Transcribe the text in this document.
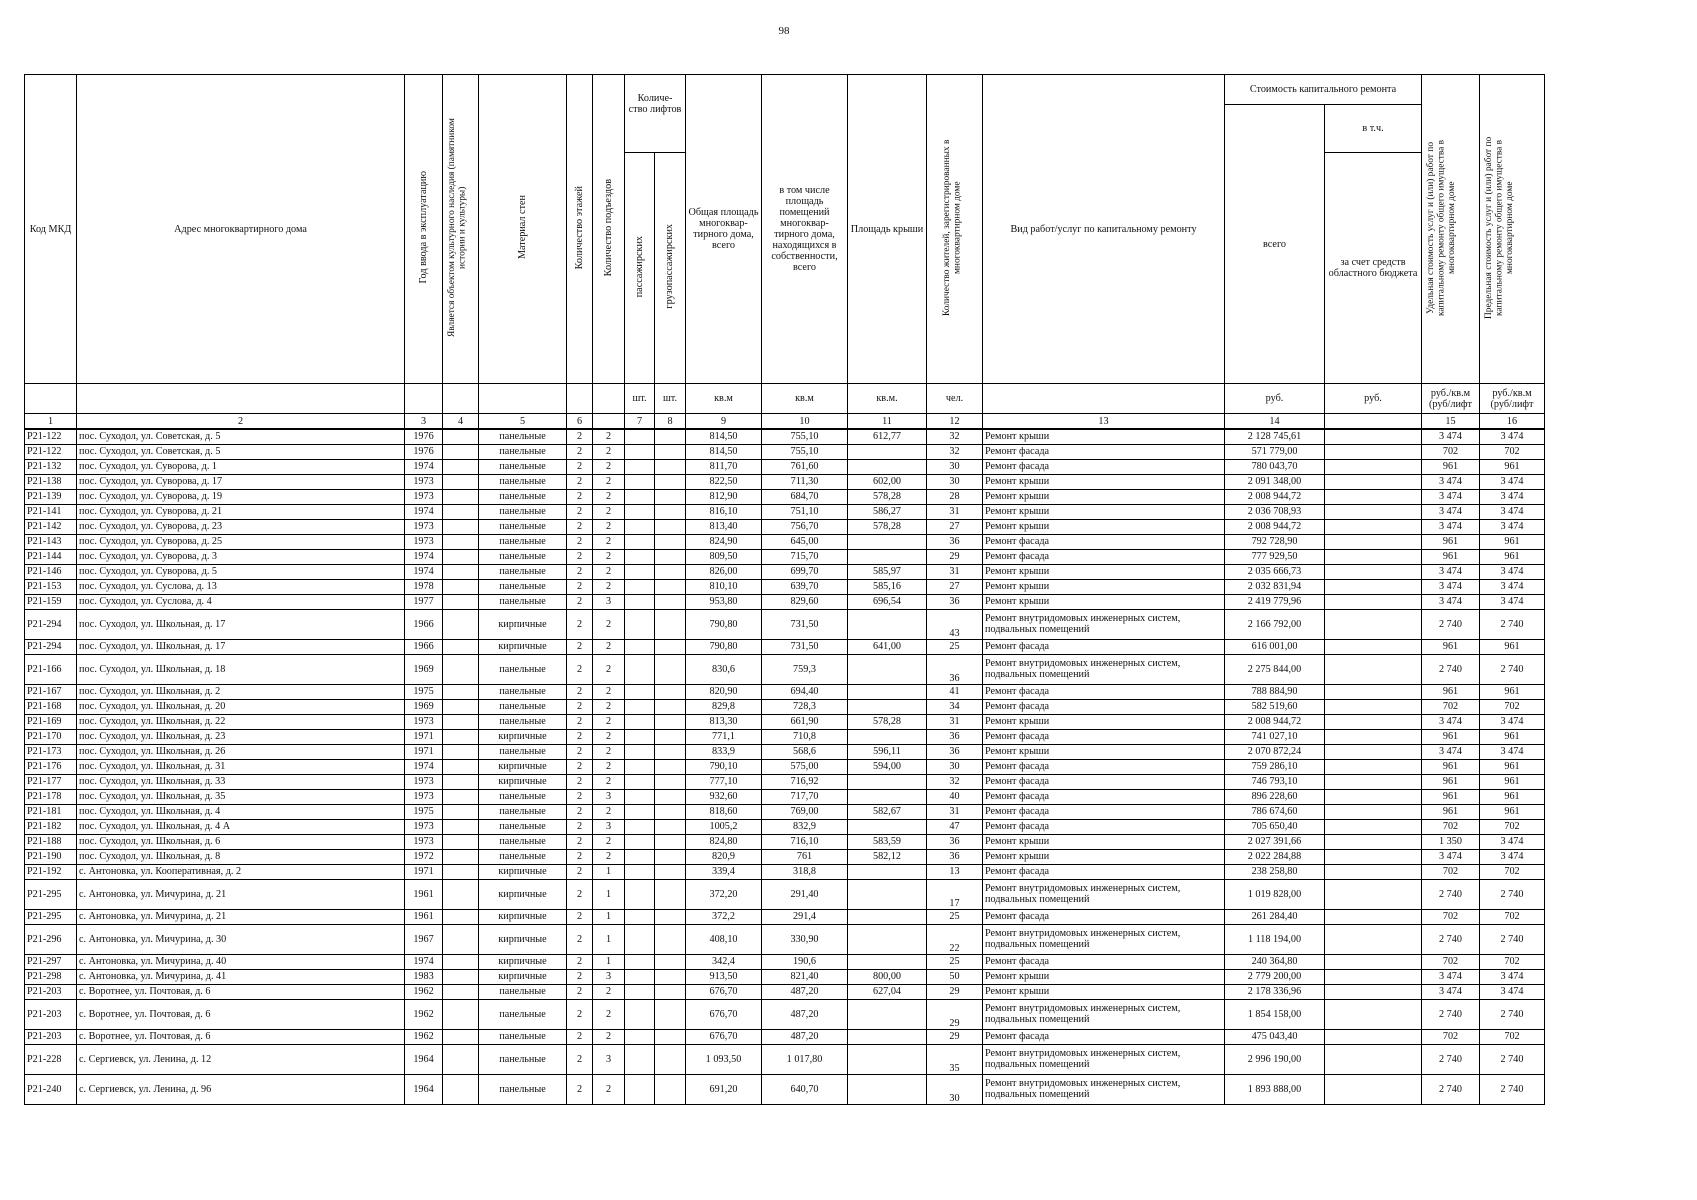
98
Код МКД	Адрес многоквартирного дома	Год ввода в эксплуатацию	Является объектом культурного наследия (памятником истории и культуры)	Материал стен	Количество этажей	Количество подъездов	Количе- ство лифтов		Общая площадь многоквар- тирного дома, всего	в том числе площадь помещений многоквар- тирного дома, находящихся в собственности, всего	Площадь крыши	Количество жителей, зарегистрированных в многоквартирном доме	Вид работ/услуг по капитальному ремонту	Стоимость капитального ремонта		Удельная стоимость услуг и (или) работ по капитальному ремонту общего имущества в многоквартирном доме	Предельная стоимость услуг и (или) работ по капитальному ремонту общего имущества в многоквартирном доме
														всего	в т.ч.		
							пассажирских	грузопассажирских							за счет средств областного бюджета		
							шт.	шт.	кв.м	кв.м	кв.м.	чел.		руб.	руб.	руб./кв.м (руб/лифт	руб./кв.м (руб/лифт
1	2	3	4	5	6		7	8	9	10	11	12	13	14		15	16
Р21-122	пос. Суходол, ул. Советская, д. 5	1976		панельные	2	2			814,50	755,10	612,77	32	Ремонт крыши	2 128 745,61		3 474	3 474
Р21-122	пос. Суходол, ул. Советская, д. 5	1976		панельные	2	2			814,50	755,10		32	Ремонт фасада	571 779,00		702	702
Р21-132	пос. Суходол, ул. Суворова, д. 1	1974		панельные	2	2			811,70	761,60		30	Ремонт фасада	780 043,70		961	961
Р21-138	пос. Суходол, ул. Суворова, д. 17	1973		панельные	2	2			822,50	711,30	602,00	30	Ремонт крыши	2 091 348,00		3 474	3 474
Р21-139	пос. Суходол, ул. Суворова, д. 19	1973		панельные	2	2			812,90	684,70	578,28	28	Ремонт крыши	2 008 944,72		3 474	3 474
Р21-141	пос. Суходол, ул. Суворова, д. 21	1974		панельные	2	2			816,10	751,10	586,27	31	Ремонт крыши	2 036 708,93		3 474	3 474
Р21-142	пос. Суходол, ул. Суворова, д. 23	1973		панельные	2	2			813,40	756,70	578,28	27	Ремонт крыши	2 008 944,72		3 474	3 474
Р21-143	пос. Суходол, ул. Суворова, д. 25	1973		панельные	2	2			824,90	645,00		36	Ремонт фасада	792 728,90		961	961
Р21-144	пос. Суходол, ул. Суворова, д. 3	1974		панельные	2	2			809,50	715,70		29	Ремонт фасада	777 929,50		961	961
Р21-146	пос. Суходол, ул. Суворова, д. 5	1974		панельные	2	2			826,00	699,70	585,97	31	Ремонт крыши	2 035 666,73		3 474	3 474
Р21-153	пос. Суходол, ул. Суслова, д. 13	1978		панельные	2	2			810,10	639,70	585,16	27	Ремонт крыши	2 032 831,94		3 474	3 474
Р21-159	пос. Суходол, ул. Суслова, д. 4	1977		панельные	2	3			953,80	829,60	696,54	36	Ремонт крыши	2 419 779,96		3 474	3 474
Р21-294	пос. Суходол, ул. Школьная, д. 17	1966		кирпичные	2	2			790,80	731,50		43	Ремонт внутридомовых инженерных систем, подвальных помещений	2 166 792,00		2 740	2 740
Р21-294	пос. Суходол, ул. Школьная, д. 17	1966		кирпичные	2	2			790,80	731,50	641,00	25	Ремонт фасада	616 001,00		961	961
Р21-166	пос. Суходол, ул. Школьная, д. 18	1969		панельные	2	2			830,6	759,3		36	Ремонт внутридомовых инженерных систем, подвальных помещений	2 275 844,00		2 740	2 740
Р21-167	пос. Суходол, ул. Школьная, д. 2	1975		панельные	2	2			820,90	694,40		41	Ремонт фасада	788 884,90		961	961
Р21-168	пос. Суходол, ул. Школьная, д. 20	1969		панельные	2	2			829,8	728,3		34	Ремонт фасада	582 519,60		702	702
Р21-169	пос. Суходол, ул. Школьная, д. 22	1973		панельные	2	2			813,30	661,90	578,28	31	Ремонт крыши	2 008 944,72		3 474	3 474
Р21-170	пос. Суходол, ул. Школьная, д. 23	1971		кирпичные	2	2			771,1	710,8		36	Ремонт фасада	741 027,10		961	961
Р21-173	пос. Суходол, ул. Школьная, д. 26	1971		панельные	2	2			833,9	568,6	596,11	36	Ремонт крыши	2 070 872,24		3 474	3 474
Р21-176	пос. Суходол, ул. Школьная, д. 31	1974		кирпичные	2	2			790,10	575,00	594,00	30	Ремонт фасада	759 286,10		961	961
Р21-177	пос. Суходол, ул. Школьная, д. 33	1973		кирпичные	2	2			777,10	716,92		32	Ремонт фасада	746 793,10		961	961
Р21-178	пос. Суходол, ул. Школьная, д. 35	1973		панельные	2	3			932,60	717,70		40	Ремонт фасада	896 228,60		961	961
Р21-181	пос. Суходол, ул. Школьная, д. 4	1975		панельные	2	2			818,60	769,00	582,67	31	Ремонт фасада	786 674,60		961	961
Р21-182	пос. Суходол, ул. Школьная, д. 4 А	1973		панельные	2	3			1005,2	832,9		47	Ремонт фасада	705 650,40		702	702
Р21-188	пос. Суходол, ул. Школьная, д. 6	1973		панельные	2	2			824,80	716,10	583,59	36	Ремонт крыши	2 027 391,66		1 350	3 474
Р21-190	пос. Суходол, ул. Школьная, д. 8	1972		панельные	2	2			820,9	761	582,12	36	Ремонт крыши	2 022 284,88		3 474	3 474
Р21-192	с. Антоновка, ул. Кооперативная, д. 2	1971		кирпичные	2	1			339,4	318,8		13	Ремонт фасада	238 258,80		702	702
Р21-295	с. Антоновка, ул. Мичурина, д. 21	1961		кирпичные	2	1			372,20	291,40		17	Ремонт внутридомовых инженерных систем, подвальных помещений	1 019 828,00		2 740	2 740
Р21-295	с. Антоновка, ул. Мичурина, д. 21	1961		кирпичные	2	1			372,2	291,4		25	Ремонт фасада	261 284,40		702	702
Р21-296	с. Антоновка, ул. Мичурина, д. 30	1967		кирпичные	2	1			408,10	330,90		22	Ремонт внутридомовых инженерных систем, подвальных помещений	1 118 194,00		2 740	2 740
Р21-297	с. Антоновка, ул. Мичурина, д. 40	1974		кирпичные	2	1			342,4	190,6		25	Ремонт фасада	240 364,80		702	702
Р21-298	с. Антоновка, ул. Мичурина, д. 41	1983		кирпичные	2	3			913,50	821,40	800,00	50	Ремонт крыши	2 779 200,00		3 474	3 474
Р21-203	с. Воротнее, ул. Почтовая, д. 6	1962		панельные	2	2			676,70	487,20	627,04	29	Ремонт крыши	2 178 336,96		3 474	3 474
Р21-203	с. Воротнее, ул. Почтовая, д. 6	1962		панельные	2	2			676,70	487,20		29	Ремонт внутридомовых инженерных систем, подвальных помещений	1 854 158,00		2 740	2 740
Р21-203	с. Воротнее, ул. Почтовая, д. 6	1962		панельные	2	2			676,70	487,20		29	Ремонт фасада	475 043,40		702	702
Р21-228	с. Сергиевск, ул. Ленина, д. 12	1964		панельные	2	3			1 093,50	1 017,80		35	Ремонт внутридомовых инженерных систем, подвальных помещений	2 996 190,00		2 740	2 740
Р21-240	с. Сергиевск, ул. Ленина, д. 96	1964		панельные	2	2			691,20	640,70		30	Ремонт внутридомовых инженерных систем, подвальных помещений	1 893 888,00		2 740	2 740
